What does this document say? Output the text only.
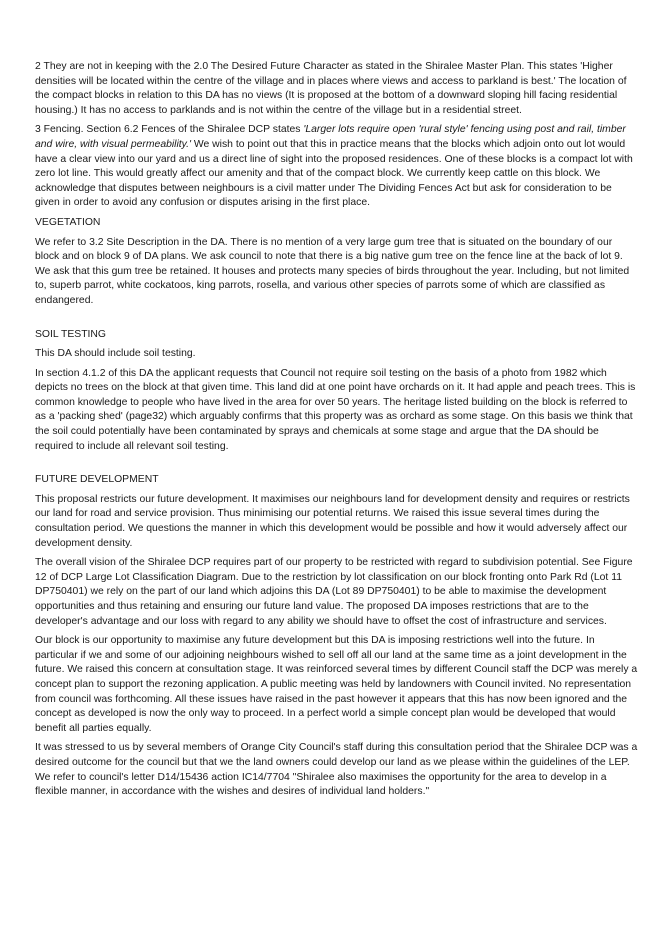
2 They are not in keeping with the 2.0 The Desired Future Character as stated in the Shiralee Master Plan. This states 'Higher densities will be located within the centre of the village and in places where views and access to parkland is best.' The location of the compact blocks in relation to this DA has no views (It is proposed at the bottom of a downward sloping hill facing residential housing.) It has no access to parklands and is not within the centre of the village but in a residential street.

3 Fencing. Section 6.2 Fences of the Shiralee DCP states 'Larger lots require open 'rural style' fencing using post and rail, timber and wire, with visual permeability.' We wish to point out that this in practice means that the blocks which adjoin onto out lot would have a clear view into our yard and us a direct line of sight into the proposed residences. One of these blocks is a compact lot with zero lot line. This would greatly affect our amenity and that of the compact block. We currently keep cattle on this block. We acknowledge that disputes between neighbours is a civil matter under The Dividing Fences Act but ask for consideration to be given in order to avoid any confusion or disputes arising in the first place.

VEGETATION

We refer to 3.2 Site Description in the DA. There is no mention of a very large gum tree that is situated on the boundary of our block and on block 9 of DA plans. We ask council to note that there is a big native gum tree on the fence line at the back of lot 9. We ask that this gum tree be retained. It houses and protects many species of birds throughout the year. Including, but not limited to, superb parrot, white cockatoos, king parrots, rosella, and various other species of parrots some of which are classified as endangered.

SOIL TESTING

This DA should include soil testing.

In section 4.1.2 of this DA the applicant requests that Council not require soil testing on the basis of a photo from 1982 which depicts no trees on the block at that given time. This land did at one point have orchards on it. It had apple and peach trees. This is common knowledge to people who have lived in the area for over 50 years. The heritage listed building on the block is referred to as a 'packing shed' (page32) which arguably confirms that this property was as orchard as some stage. On this basis we think that the soil could potentially have been contaminated by sprays and chemicals at some stage and argue that the DA should be required to include all relevant soil testing.

FUTURE DEVELOPMENT

This proposal restricts our future development. It maximises our neighbours land for development density and requires or restricts our land for road and service provision. Thus minimising our potential returns. We raised this issue several times during the consultation period. We questions the manner in which this development would be possible and how it would adversely affect our development density.

The overall vision of the Shiralee DCP requires part of our property to be restricted with regard to subdivision potential. See Figure 12 of DCP Large Lot Classification Diagram. Due to the restriction by lot classification on our block fronting onto Park Rd (Lot 11 DP750401) we rely on the part of our land which adjoins this DA (Lot 89 DP750401) to be able to maximise the development opportunities and thus retaining and ensuring our future land value. The proposed DA imposes restrictions that are to the developer's advantage and our loss with regard to any ability we should have to offset the cost of infrastructure and services.

Our block is our opportunity to maximise any future development but this DA is imposing restrictions well into the future. In particular if we and some of our adjoining neighbours wished to sell off all our land at the same time as a joint development in the future. We raised this concern at consultation stage. It was reinforced several times by different Council staff the DCP was merely a concept plan to support the rezoning application. A public meeting was held by landowners with Council invited. No representation from council was forthcoming. All these issues have raised in the past however it appears that this has now been ignored and the concept as developed is now the only way to proceed. In a perfect world a simple concept plan would be developed that would benefit all parties equally.

It was stressed to us by several members of Orange City Council's staff during this consultation period that the Shiralee DCP was a desired outcome for the council but that we the land owners could develop our land as we please within the guidelines of the LEP. We refer to council's letter D14/15436 action IC14/7704 "Shiralee also maximises the opportunity for the area to develop in a flexible manner, in accordance with the wishes and desires of individual land holders."
